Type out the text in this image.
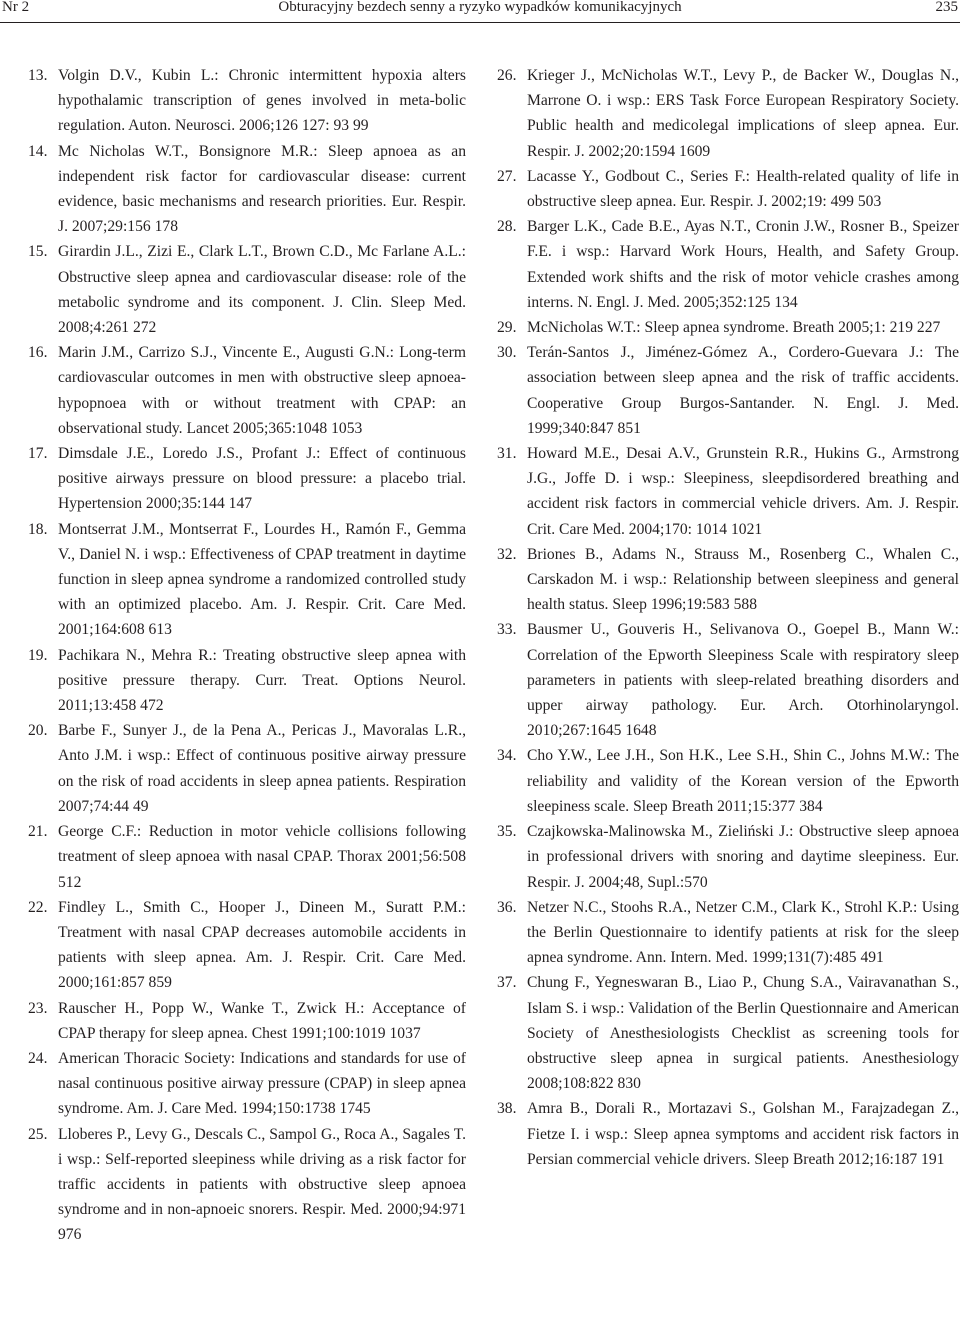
Nr 2	Obturacyjny bezdech senny a ryzyko wypadków komunikacyjnych	235
13. Volgin D.V., Kubin L.: Chronic intermittent hypoxia alters hypothalamic transcription of genes involved in meta-bolic regulation. Auton. Neurosci. 2006;126 127: 93 99
14. Mc Nicholas W.T., Bonsignore M.R.: Sleep apnoea as an independent risk factor for cardiovascular disease: current evidence, basic mechanisms and research priorities. Eur. Respir. J. 2007;29:156 178
15. Girardin J.L., Zizi E., Clark L.T., Brown C.D., Mc Farlane A.L.: Obstructive sleep apnea and cardiovascular disease: role of the metabolic syndrome and its component. J. Clin. Sleep Med. 2008;4:261 272
16. Marin J.M., Carrizo S.J., Vincente E., Augusti G.N.: Long-term cardiovascular outcomes in men with obstructive sleep apnoea-hypopnoea with or without treatment with CPAP: an observational study. Lancet 2005;365:1048 1053
17. Dimsdale J.E., Loredo J.S., Profant J.: Effect of continuous positive airways pressure on blood pressure: a placebo trial. Hypertension 2000;35:144 147
18. Montserrat J.M., Montserrat F., Lourdes H., Ramón F., Gemma V., Daniel N. i wsp.: Effectiveness of CPAP treatment in daytime function in sleep apnea syndrome a randomized controlled study with an optimized placebo. Am. J. Respir. Crit. Care Med. 2001;164:608 613
19. Pachikara N., Mehra R.: Treating obstructive sleep apnea with positive pressure therapy. Curr. Treat. Options Neurol. 2011;13:458 472
20. Barbe F., Sunyer J., de la Pena A., Pericas J., Mavoralas L.R., Anto J.M. i wsp.: Effect of continuous positive airway pressure on the risk of road accidents in sleep apnea patients. Respiration 2007;74:44 49
21. George C.F.: Reduction in motor vehicle collisions following treatment of sleep apnoea with nasal CPAP. Thorax 2001;56:508 512
22. Findley L., Smith C., Hooper J., Dineen M., Suratt P.M.: Treatment with nasal CPAP decreases automobile accidents in patients with sleep apnea. Am. J. Respir. Crit. Care Med. 2000;161:857 859
23. Rauscher H., Popp W., Wanke T., Zwick H.: Acceptance of CPAP therapy for sleep apnea. Chest 1991;100:1019 1037
24. American Thoracic Society: Indications and standards for use of nasal continuous positive airway pressure (CPAP) in sleep apnea syndrome. Am. J. Care Med. 1994;150:1738 1745
25. Lloberes P., Levy G., Descals C., Sampol G., Roca A., Sagales T. i wsp.: Self-reported sleepiness while driving as a risk factor for traffic accidents in patients with obstructive sleep apnoea syndrome and in non-apnoeic snorers. Respir. Med. 2000;94:971 976
26. Krieger J., McNicholas W.T., Levy P., de Backer W., Douglas N., Marrone O. i wsp.: ERS Task Force European Respiratory Society. Public health and medicolegal implications of sleep apnea. Eur. Respir. J. 2002;20:1594 1609
27. Lacasse Y., Godbout C., Series F.: Health-related quality of life in obstructive sleep apnea. Eur. Respir. J. 2002;19: 499 503
28. Barger L.K., Cade B.E., Ayas N.T., Cronin J.W., Rosner B., Speizer F.E. i wsp.: Harvard Work Hours, Health, and Safety Group. Extended work shifts and the risk of motor vehicle crashes among interns. N. Engl. J. Med. 2005;352:125 134
29. McNicholas W.T.: Sleep apnea syndrome. Breath 2005;1: 219 227
30. Terán-Santos J., Jiménez-Gómez A., Cordero-Guevara J.: The association between sleep apnea and the risk of traffic accidents. Cooperative Group Burgos-Santander. N. Engl. J. Med. 1999;340:847 851
31. Howard M.E., Desai A.V., Grunstein R.R., Hukins G., Armstrong J.G., Joffe D. i wsp.: Sleepiness, sleepdisordered breathing and accident risk factors in commercial vehicle drivers. Am. J. Respir. Crit. Care Med. 2004;170: 1014 1021
32. Briones B., Adams N., Strauss M., Rosenberg C., Whalen C., Carskadon M. i wsp.: Relationship between sleepiness and general health status. Sleep 1996;19:583 588
33. Bausmer U., Gouveris H., Selivanova O., Goepel B., Mann W.: Correlation of the Epworth Sleepiness Scale with respiratory sleep parameters in patients with sleep-related breathing disorders and upper airway pathology. Eur. Arch. Otorhinolaryngol. 2010;267:1645 1648
34. Cho Y.W., Lee J.H., Son H.K., Lee S.H., Shin C., Johns M.W.: The reliability and validity of the Korean version of the Epworth sleepiness scale. Sleep Breath 2011;15:377 384
35. Czajkowska-Malinowska M., Zieliński J.: Obstructive sleep apnoea in professional drivers with snoring and daytime sleepiness. Eur. Respir. J. 2004;48, Supl.:570
36. Netzer N.C., Stoohs R.A., Netzer C.M., Clark K., Strohl K.P.: Using the Berlin Questionnaire to identify patients at risk for the sleep apnea syndrome. Ann. Intern. Med. 1999;131(7):485 491
37. Chung F., Yegneswaran B., Liao P., Chung S.A., Vairavanathan S., Islam S. i wsp.: Validation of the Berlin Questionnaire and American Society of Anesthesiologists Checklist as screening tools for obstructive sleep apnea in surgical patients. Anesthesiology 2008;108:822 830
38. Amra B., Dorali R., Mortazavi S., Golshan M., Farajzadegan Z., Fietze I. i wsp.: Sleep apnea symptoms and accident risk factors in Persian commercial vehicle drivers. Sleep Breath 2012;16:187 191
